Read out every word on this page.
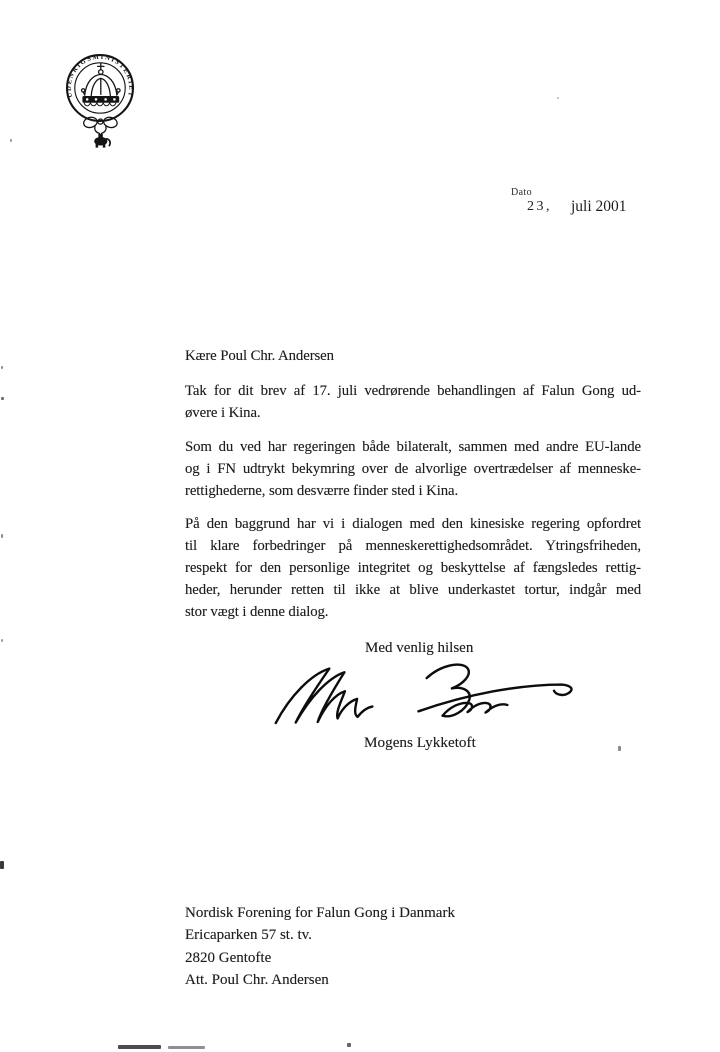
UDENRIGSMINISTERIET
Dato
23, juli 2001
Kære Poul Chr. Andersen
Tak for dit brev af 17. juli vedrørende behandlingen af Falun Gong ud-
øvere i Kina.
Som du ved har regeringen både bilateralt, sammen med andre EU-lande
og i FN udtrykt bekymring over de alvorlige overtrædelser af menneske-
rettighederne, som desværre finder sted i Kina.
På den baggrund har vi i dialogen med den kinesiske regering opfordret
til klare forbedringer på menneskerettighedsområdet. Ytringsfriheden,
respekt for den personlige integritet og beskyttelse af fængsledes rettig-
heder, herunder retten til ikke at blive underkastet tortur, indgår med
stor vægt i denne dialog.
Med venlig hilsen
Mogens Lykketoft
Nordisk Forening for Falun Gong i Danmark
Ericaparken 57 st. tv.
2820 Gentofte
Att. Poul Chr. Andersen
